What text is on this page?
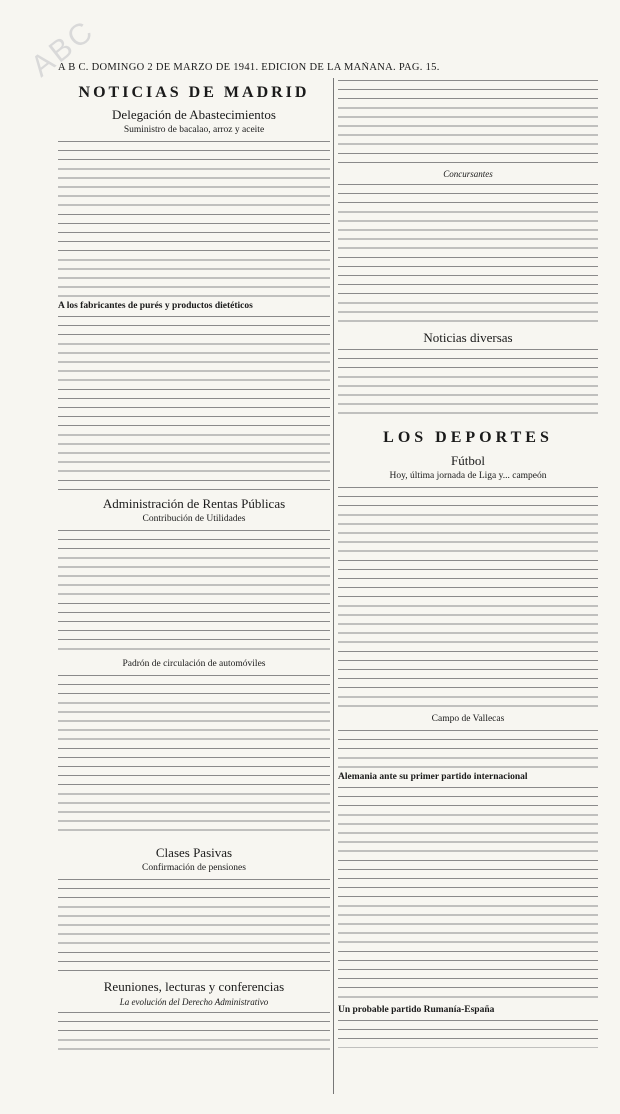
ABC
A B C. DOMINGO 2 DE MARZO DE 1941. EDICION DE LA MAÑANA. PAG. 15.
NOTICIAS DE MADRID
Delegación de Abastecimientos
Suministro de bacalao, arroz y aceite
A los fabricantes de purés y productos dietéticos
Administración de Rentas Públicas
Contribución de Utilidades
Padrón de circulación de automóviles
Clases Pasivas
Confirmación de pensiones
Reuniones, lecturas y conferencias
La evolución del Derecho Administrativo
Concursantes
Noticias diversas
LOS DEPORTES
Fútbol
Hoy, última jornada de Liga y... campeón
Campo de Vallecas
Alemania ante su primer partido internacional
Un probable partido Rumanía-España
